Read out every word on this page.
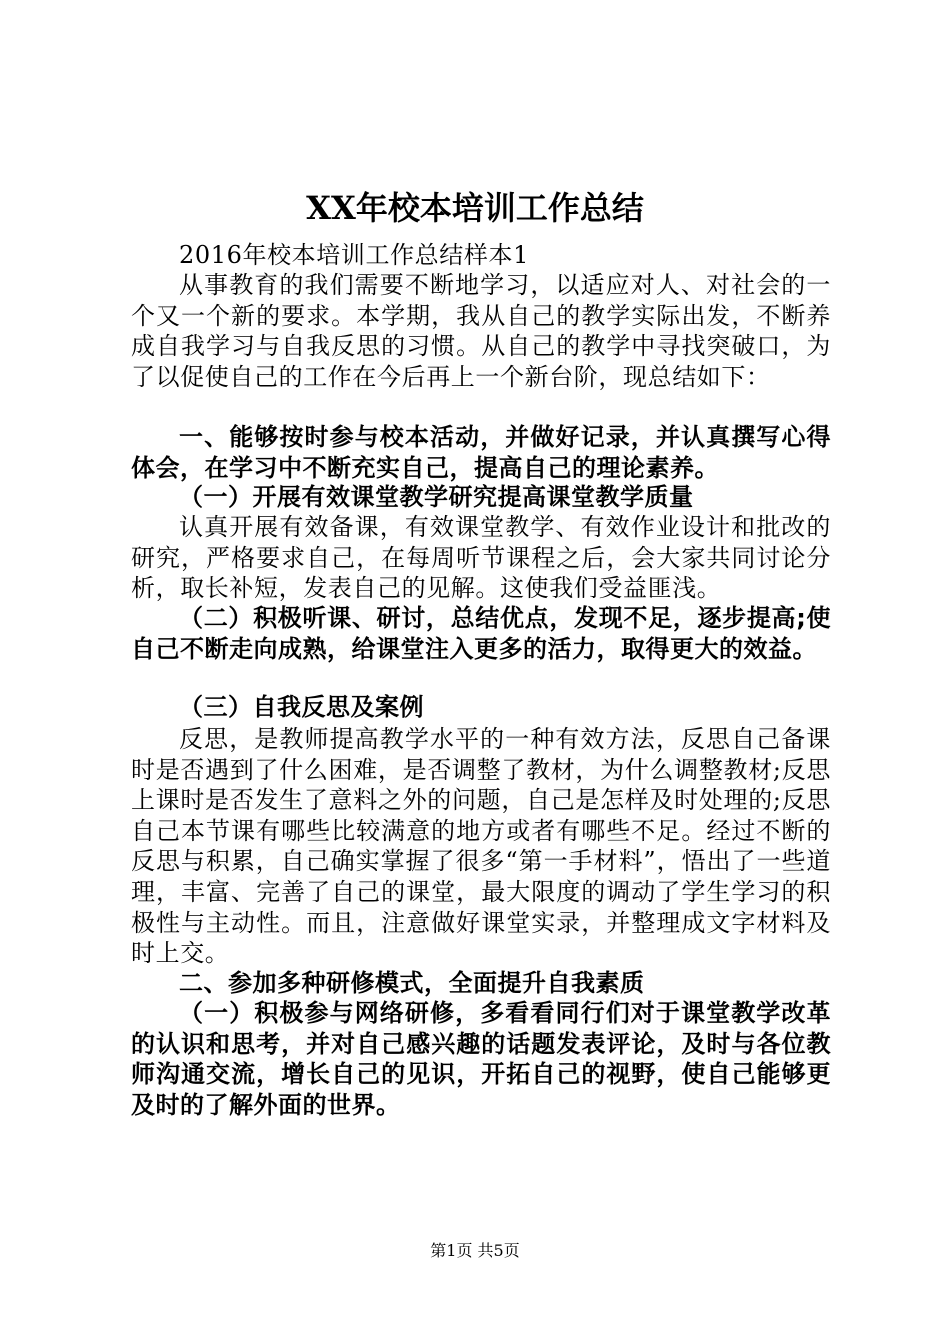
XX年校本培训工作总结

2016年校本培训工作总结样本1

从事教育的我们需要不断地学习，以适应对人、对社会的一个又一个新的要求。本学期，我从自己的教学实际出发，不断养成自我学习与自我反思的习惯。从自己的教学中寻找突破口，为了以促使自己的工作在今后再上一个新台阶，现总结如下：

一、能够按时参与校本活动，并做好记录，并认真撰写心得体会，在学习中不断充实自己，提高自己的理论素养。

（一）开展有效课堂教学研究提高课堂教学质量

认真开展有效备课，有效课堂教学、有效作业设计和批改的研究，严格要求自己，在每周听节课程之后，会大家共同讨论分析，取长补短，发表自己的见解。这使我们受益匪浅。

（二）积极听课、研讨，总结优点，发现不足，逐步提高;使自己不断走向成熟，给课堂注入更多的活力，取得更大的效益。

（三）自我反思及案例

反思，是教师提高教学水平的一种有效方法，反思自己备课时是否遇到了什么困难，是否调整了教材，为什么调整教材;反思上课时是否发生了意料之外的问题，自己是怎样及时处理的;反思自己本节课有哪些比较满意的地方或者有哪些不足。经过不断的反思与积累，自己确实掌握了很多“第一手材料”，悟出了一些道理，丰富、完善了自己的课堂，最大限度的调动了学生学习的积极性与主动性。而且，注意做好课堂实录，并整理成文字材料及时上交。

二、参加多种研修模式，全面提升自我素质

（一）积极参与网络研修，多看看同行们对于课堂教学改革的认识和思考，并对自己感兴趣的话题发表评论，及时与各位教师沟通交流，增长自己的见识，开拓自己的视野，使自己能够更及时的了解外面的世界。

第1页 共5页
